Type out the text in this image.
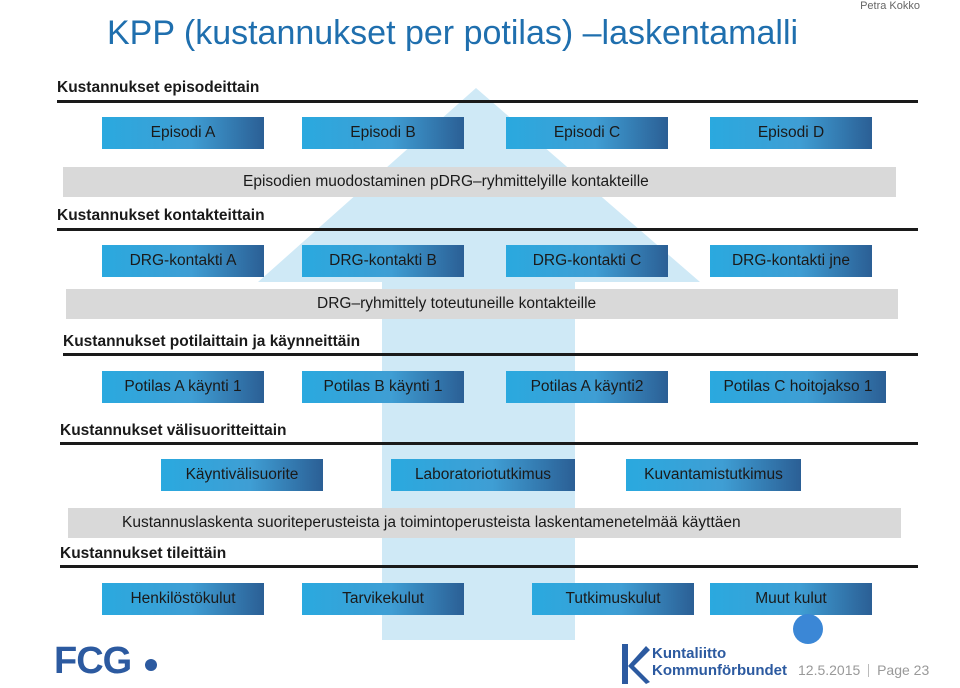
KPP (kustannukset per potilas) –laskentamalli
Petra Kokko
Kustannukset episodeittain
Episodi A	Episodi B	Episodi C	Episodi D
Episodien muodostaminen pDRG–ryhmittelyille kontakteille
Kustannukset kontakteittain
DRG-kontakti A	DRG-kontakti B	DRG-kontakti C	DRG-kontakti jne
DRG–ryhmittely toteutuneille kontakteille
Kustannukset potilaittain ja käynneittäin
Potilas A käynti 1	Potilas B käynti 1	Potilas A käynti2	Potilas C hoitojakso 1
Kustannukset välisuoritteittain
Käyntivälisuorite	Laboratoriotutkimus	Kuvantamistutkimus
Kustannuslaskenta suoriteperusteista ja toimintoperusteista laskentamenetelmää käyttäen
Kustannukset tileittäin
Henkilöstökulut	Tarvikekulut	Tutkimuskulut	Muut kulut
FCG	Kuntaliitto
Kommunförbundet 12.5.2015 Page 23
